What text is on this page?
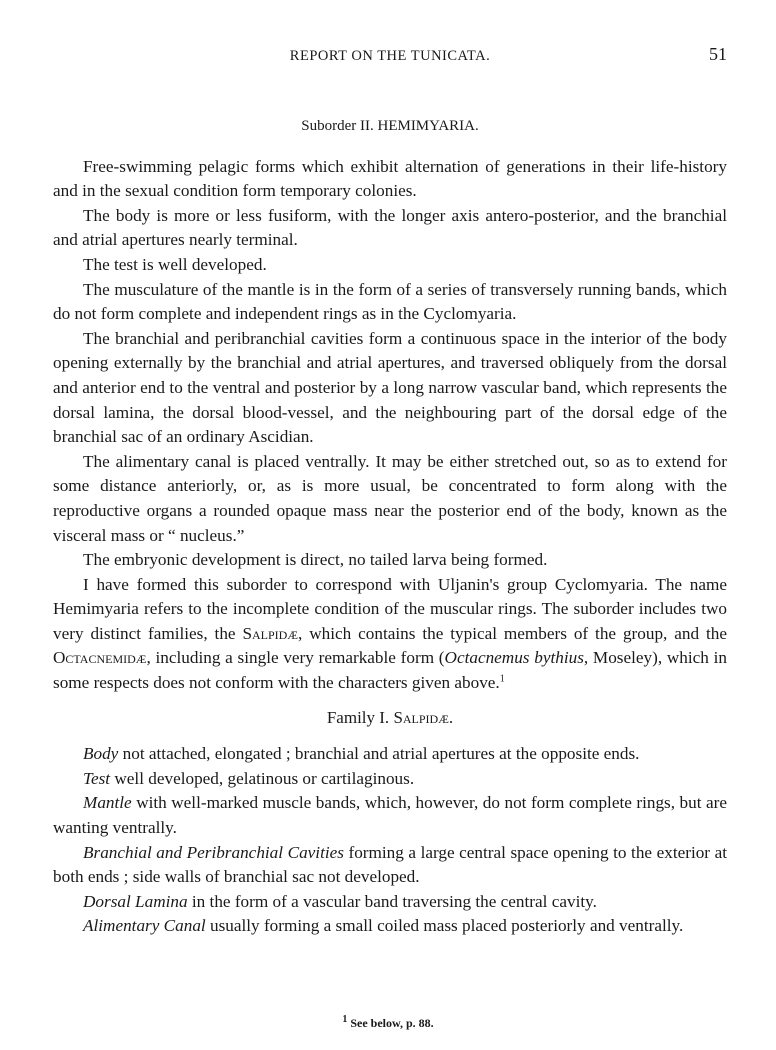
REPORT ON THE TUNICATA.	51
Suborder II. HEMIMYARIA.

Free-swimming pelagic forms which exhibit alternation of generations in their life-history and in the sexual condition form temporary colonies.

The body is more or less fusiform, with the longer axis antero-posterior, and the branchial and atrial apertures nearly terminal.

The test is well developed.

The musculature of the mantle is in the form of a series of transversely running bands, which do not form complete and independent rings as in the Cyclomyaria.

The branchial and peribranchial cavities form a continuous space in the interior of the body opening externally by the branchial and atrial apertures, and traversed obliquely from the dorsal and anterior end to the ventral and posterior by a long narrow vascular band, which represents the dorsal lamina, the dorsal blood-vessel, and the neighbouring part of the dorsal edge of the branchial sac of an ordinary Ascidian.

The alimentary canal is placed ventrally. It may be either stretched out, so as to extend for some distance anteriorly, or, as is more usual, be concentrated to form along with the reproductive organs a rounded opaque mass near the posterior end of the body, known as the visceral mass or “ nucleus.”

The embryonic development is direct, no tailed larva being formed.

I have formed this suborder to correspond with Uljanin's group Cyclomyaria. The name Hemimyaria refers to the incomplete condition of the muscular rings. The suborder includes two very distinct families, the Salpidæ, which contains the typical members of the group, and the Octacnemidæ, including a single very remarkable form (Octacnemus bythius, Moseley), which in some respects does not conform with the characters given above.$^1$

Family I. Salpidæ.

Body not attached, elongated ; branchial and atrial apertures at the opposite ends.

Test well developed, gelatinous or cartilaginous.

Mantle with well-marked muscle bands, which, however, do not form complete rings, but are wanting ventrally.

Branchial and Peribranchial Cavities forming a large central space opening to the exterior at both ends ; side walls of branchial sac not developed.

Dorsal Lamina in the form of a vascular band traversing the central cavity.

Alimentary Canal usually forming a small coiled mass placed posteriorly and ventrally.

$^1$ See below, p. 88.
